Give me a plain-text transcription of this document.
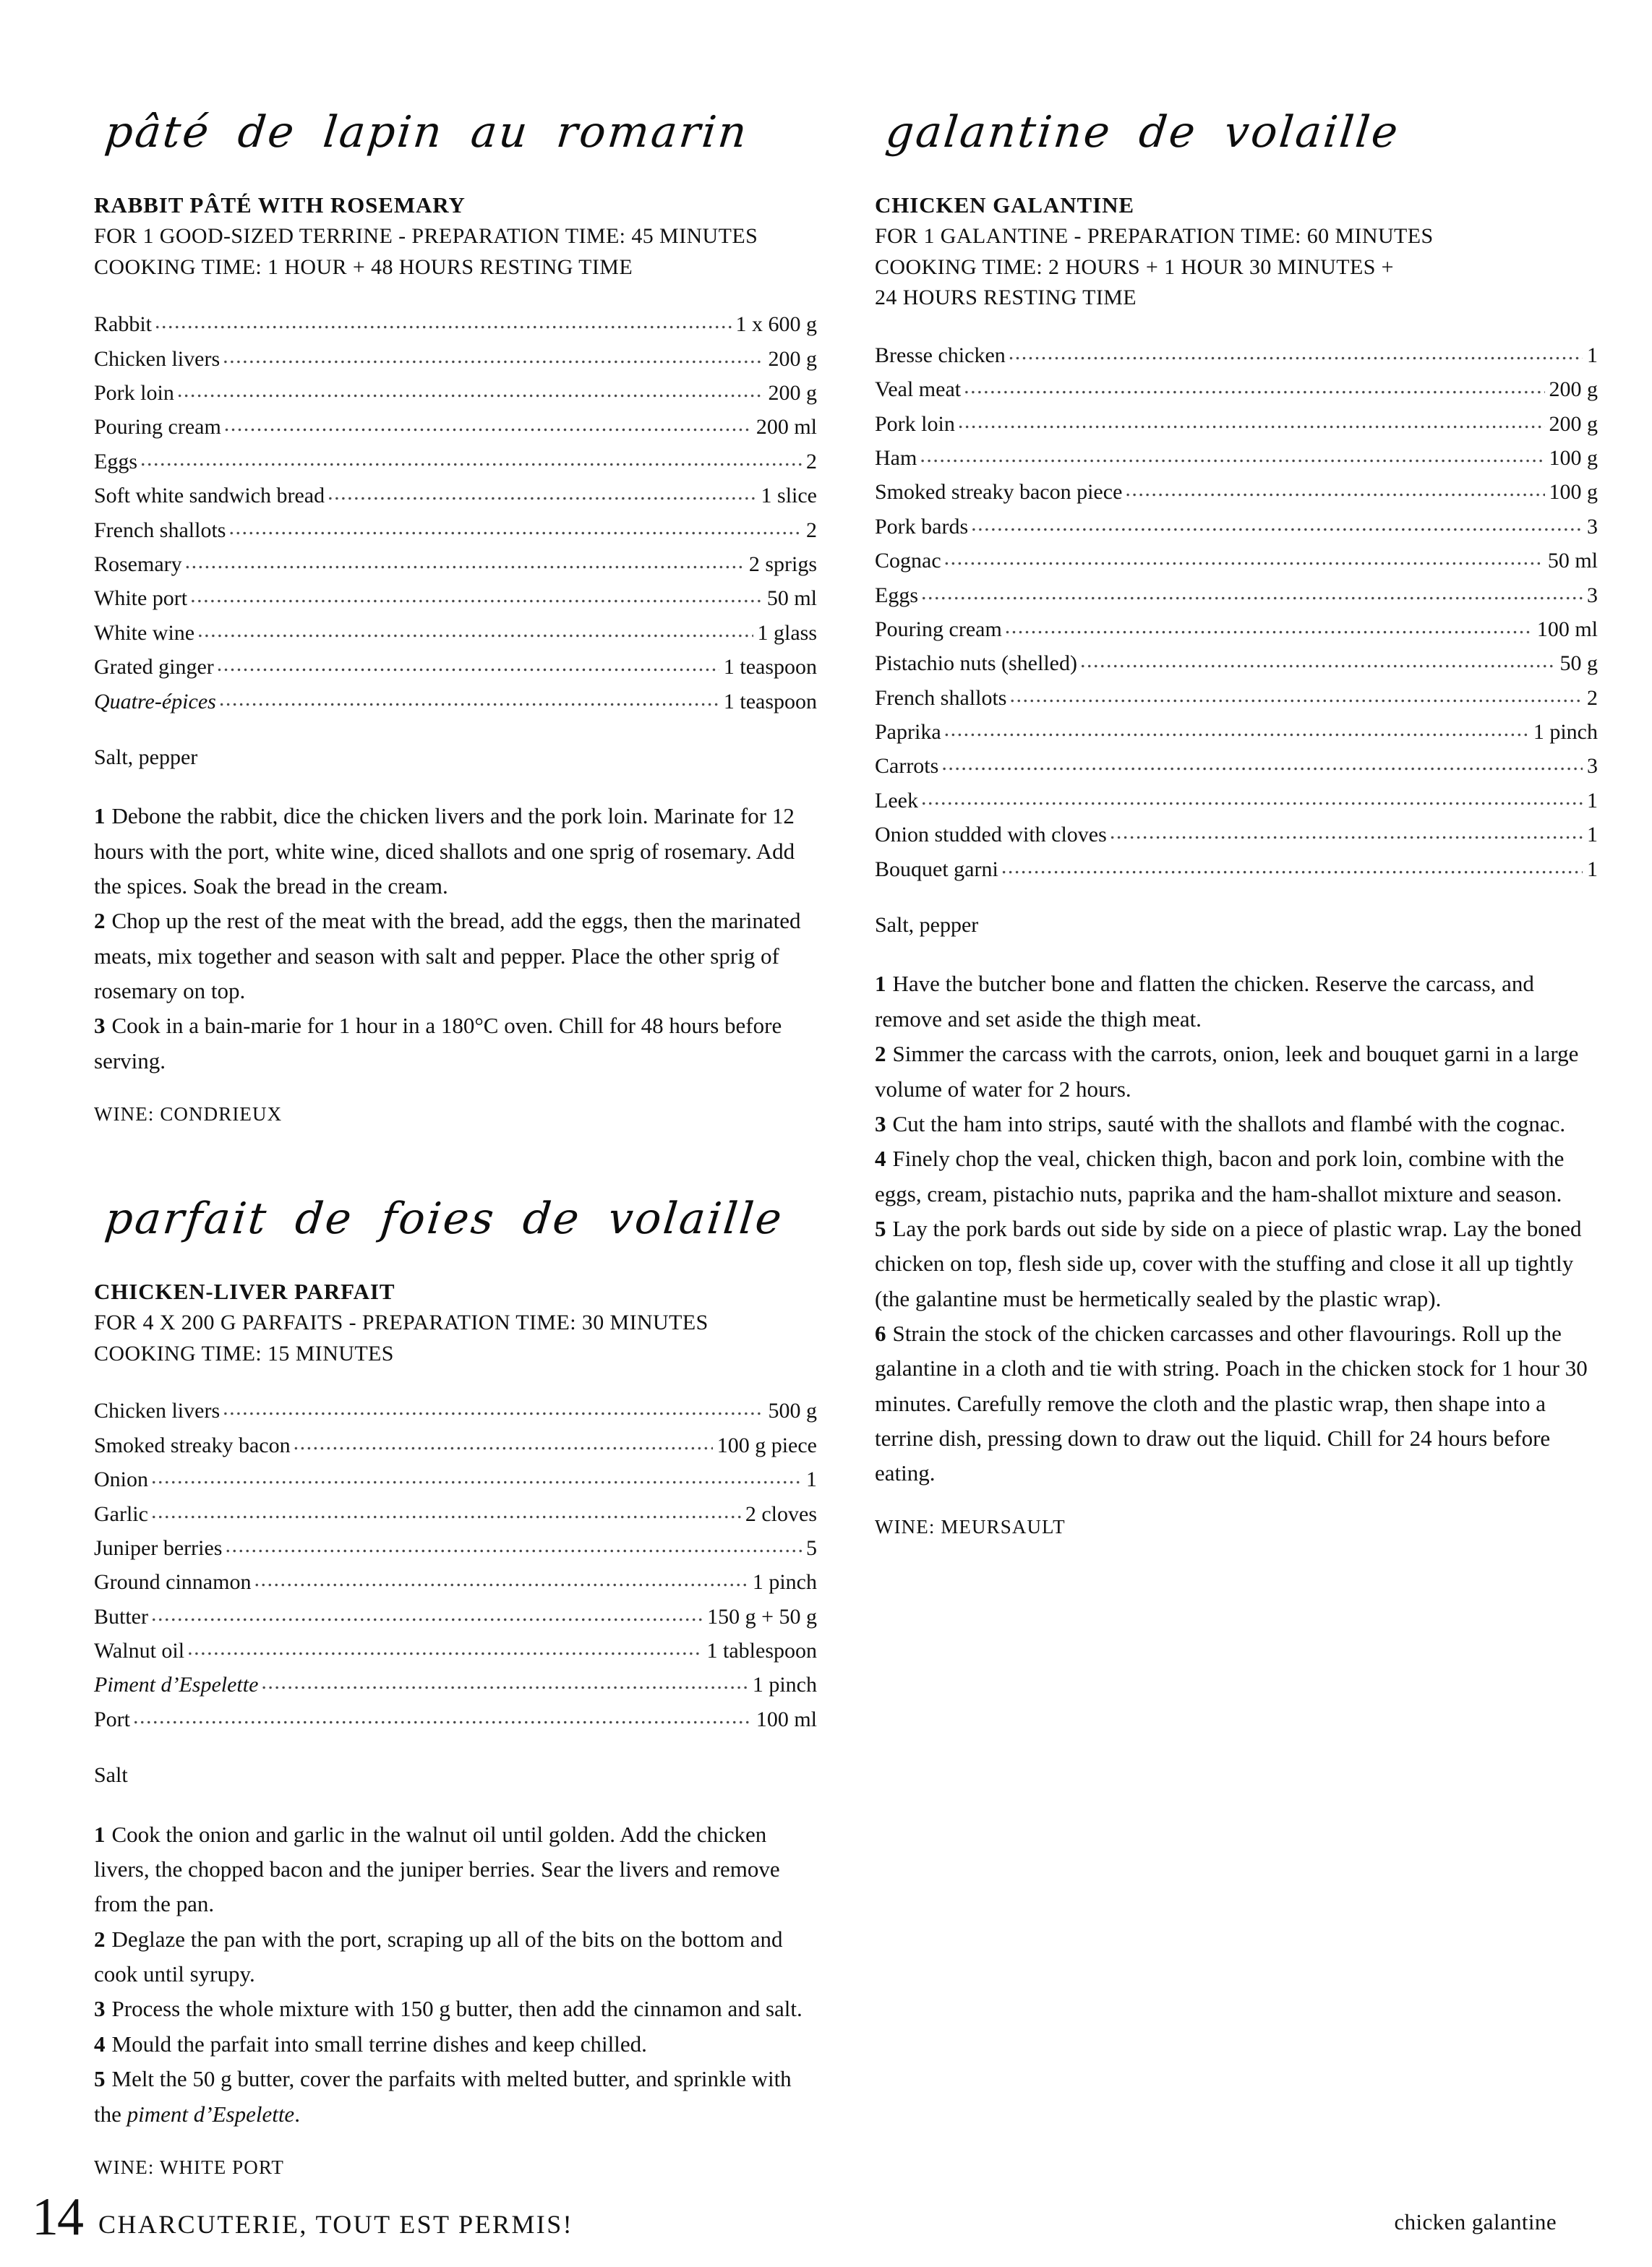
pâté de lapin au romarin

RABBIT PÂTÉ WITH ROSEMARY

FOR 1 GOOD-SIZED TERRINE - PREPARATION TIME: 45 MINUTES

COOKING TIME: 1 HOUR + 48 HOURS RESTING TIME

Rabbit .....	1 x 600 g
Chicken livers .....	200 g
Pork loin .....	200 g
Pouring cream .....	200 ml
Eggs .....	2
Soft white sandwich bread .....	1 slice
French shallots .....	2
Rosemary .....	2 sprigs
White port .....	50 ml
White wine .....	1 glass
Grated ginger .....	1 teaspoon
Quatre-épices .....	1 teaspoon
Salt, pepper

1 Debone the rabbit, dice the chicken livers and the pork loin. Marinate for 12 hours with the port, white wine, diced shallots and one sprig of rosemary. Add the spices. Soak the bread in the cream.

2 Chop up the rest of the meat with the bread, add the eggs, then the marinated meats, mix together and season with salt and pepper. Place the other sprig of rosemary on top.

3 Cook in a bain-marie for 1 hour in a 180°C oven. Chill for 48 hours before serving.

WINE: CONDRIEUX

parfait de foies de volaille

CHICKEN-LIVER PARFAIT

FOR 4 X 200 G PARFAITS - PREPARATION TIME: 30 MINUTES

COOKING TIME: 15 MINUTES

Chicken livers .....	500 g
Smoked streaky bacon .....	100 g piece
Onion .....	1
Garlic .....	2 cloves
Juniper berries .....	5
Ground cinnamon .....	1 pinch
Butter .....	150 g + 50 g
Walnut oil .....	1 tablespoon
Piment d’Espelette .....	1 pinch
Port .....	100 ml
Salt

1 Cook the onion and garlic in the walnut oil until golden. Add the chicken livers, the chopped bacon and the juniper berries. Sear the livers and remove from the pan.

2 Deglaze the pan with the port, scraping up all of the bits on the bottom and cook until syrupy.

3 Process the whole mixture with 150 g butter, then add the cinnamon and salt.

4 Mould the parfait into small terrine dishes and keep chilled.

5 Melt the 50 g butter, cover the parfaits with melted butter, and sprinkle with the piment d’Espelette.

WINE: WHITE PORT

galantine de volaille

CHICKEN GALANTINE

FOR 1 GALANTINE - PREPARATION TIME: 60 MINUTES

COOKING TIME: 2 HOURS + 1 HOUR 30 MINUTES +

24 HOURS RESTING TIME

Bresse chicken .....	1
Veal meat .....	200 g
Pork loin .....	200 g
Ham .....	100 g
Smoked streaky bacon piece .....	100 g
Pork bards .....	3
Cognac .....	50 ml
Eggs .....	3
Pouring cream .....	100 ml
Pistachio nuts (shelled) .....	50 g
French shallots .....	2
Paprika .....	1 pinch
Carrots .....	3
Leek .....	1
Onion studded with cloves .....	1
Bouquet garni .....	1
Salt, pepper

1 Have the butcher bone and flatten the chicken. Reserve the carcass, and remove and set aside the thigh meat.

2 Simmer the carcass with the carrots, onion, leek and bouquet garni in a large volume of water for 2 hours.

3 Cut the ham into strips, sauté with the shallots and flambé with the cognac.

4 Finely chop the veal, chicken thigh, bacon and pork loin, combine with the eggs, cream, pistachio nuts, paprika and the ham-shallot mixture and season.

5 Lay the pork bards out side by side on a piece of plastic wrap. Lay the boned chicken on top, flesh side up, cover with the stuffing and close it all up tightly (the galantine must be hermetically sealed by the plastic wrap).

6 Strain the stock of the chicken carcasses and other flavourings. Roll up the galantine in a cloth and tie with string. Poach in the chicken stock for 1 hour 30 minutes. Carefully remove the cloth and the plastic wrap, then shape into a terrine dish, pressing down to draw out the liquid. Chill for 24 hours before eating.

WINE: MEURSAULT

14 CHARCUTERIE, TOUT EST PERMIS!	chicken galantine
